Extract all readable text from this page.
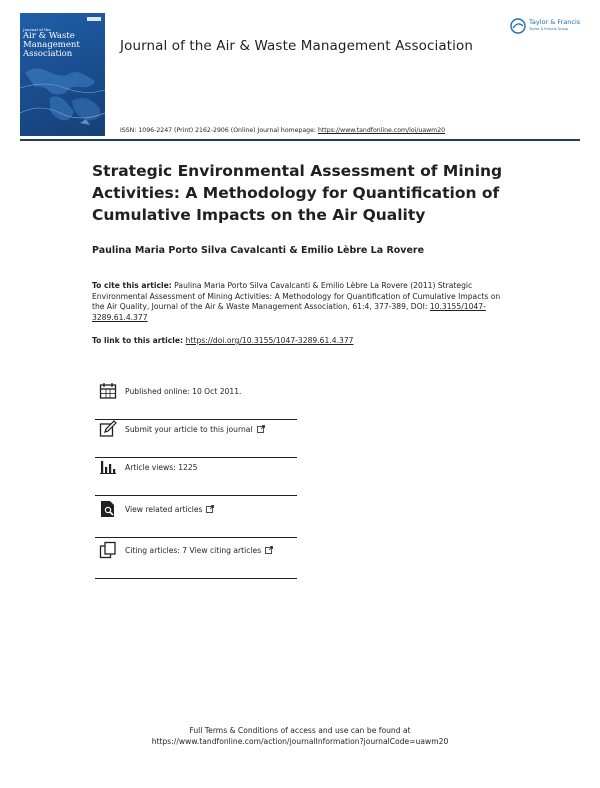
Journal of the
Air & Waste
Management
Association	Journal of the Air & Waste Management Association
Taylor & Francis
Taylor & Francis Group
ISSN: 1096-2247 (Print) 2162-2906 (Online) Journal homepage: https://www.tandfonline.com/loi/uawm20
Strategic Environmental Assessment of Mining Activities: A Methodology for Quantification of Cumulative Impacts on the Air Quality
Paulina Maria Porto Silva Cavalcanti & Emilio Lèbre La Rovere
To cite this article: Paulina Maria Porto Silva Cavalcanti & Emilio Lèbre La Rovere (2011) Strategic Environmental Assessment of Mining Activities: A Methodology for Quantification of Cumulative Impacts on the Air Quality, Journal of the Air & Waste Management Association, 61:4, 377-389, DOI: 10.3155/1047-3289.61.4.377
To link to this article: https://doi.org/10.3155/1047-3289.61.4.377
Published online: 10 Oct 2011.
Submit your article to this journal
Article views: 1225
View related articles
Citing articles: 7 View citing articles
Full Terms & Conditions of access and use can be found at
https://www.tandfonline.com/action/journalInformation?journalCode=uawm20
